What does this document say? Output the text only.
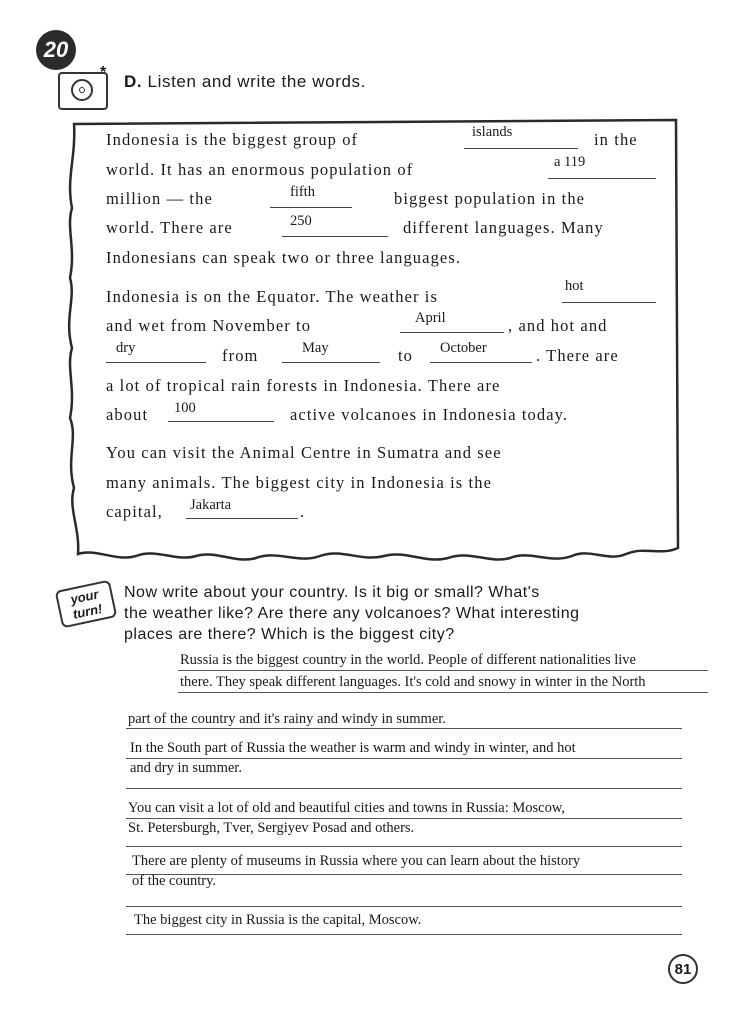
20
* D. Listen and write the words.
Indonesia is the biggest group of	islands	in the
world. It has an enormous population of	a 119
million — the	fifth	biggest population in the
world. There are	250	different languages. Many
Indonesians can speak two or three languages.
Indonesia is on the Equator. The weather is
hot
and wet from November to	April	, and hot and
dry	from	May	to October	. There are
a lot of tropical rain forests in Indonesia. There are
about 100	active volcanoes in Indonesia today.
You can visit the Animal Centre in Sumatra and see
many animals. The biggest city in Indonesia is the
capital, Jakarta	.
your
turn!
Now write about your country. Is it big or small? What's
the weather like? Are there any volcanoes? What interesting
places are there? Which is the biggest city?
Russia is the biggest country in the world. People of different nationalities live
there. They speak different languages. It's cold and snowy in winter in the North
part of the country and it's rainy and windy in summer.
In the South part of Russia the weather is warm and windy in winter, and hot
and dry in summer.
You can visit a lot of old and beautiful cities and towns in Russia: Moscow,
St. Petersburgh, Tver, Sergiyev Posad and others.
There are plenty of museums in Russia where you can learn about the history
of the country.
The biggest city in Russia is the capital, Moscow.
81
